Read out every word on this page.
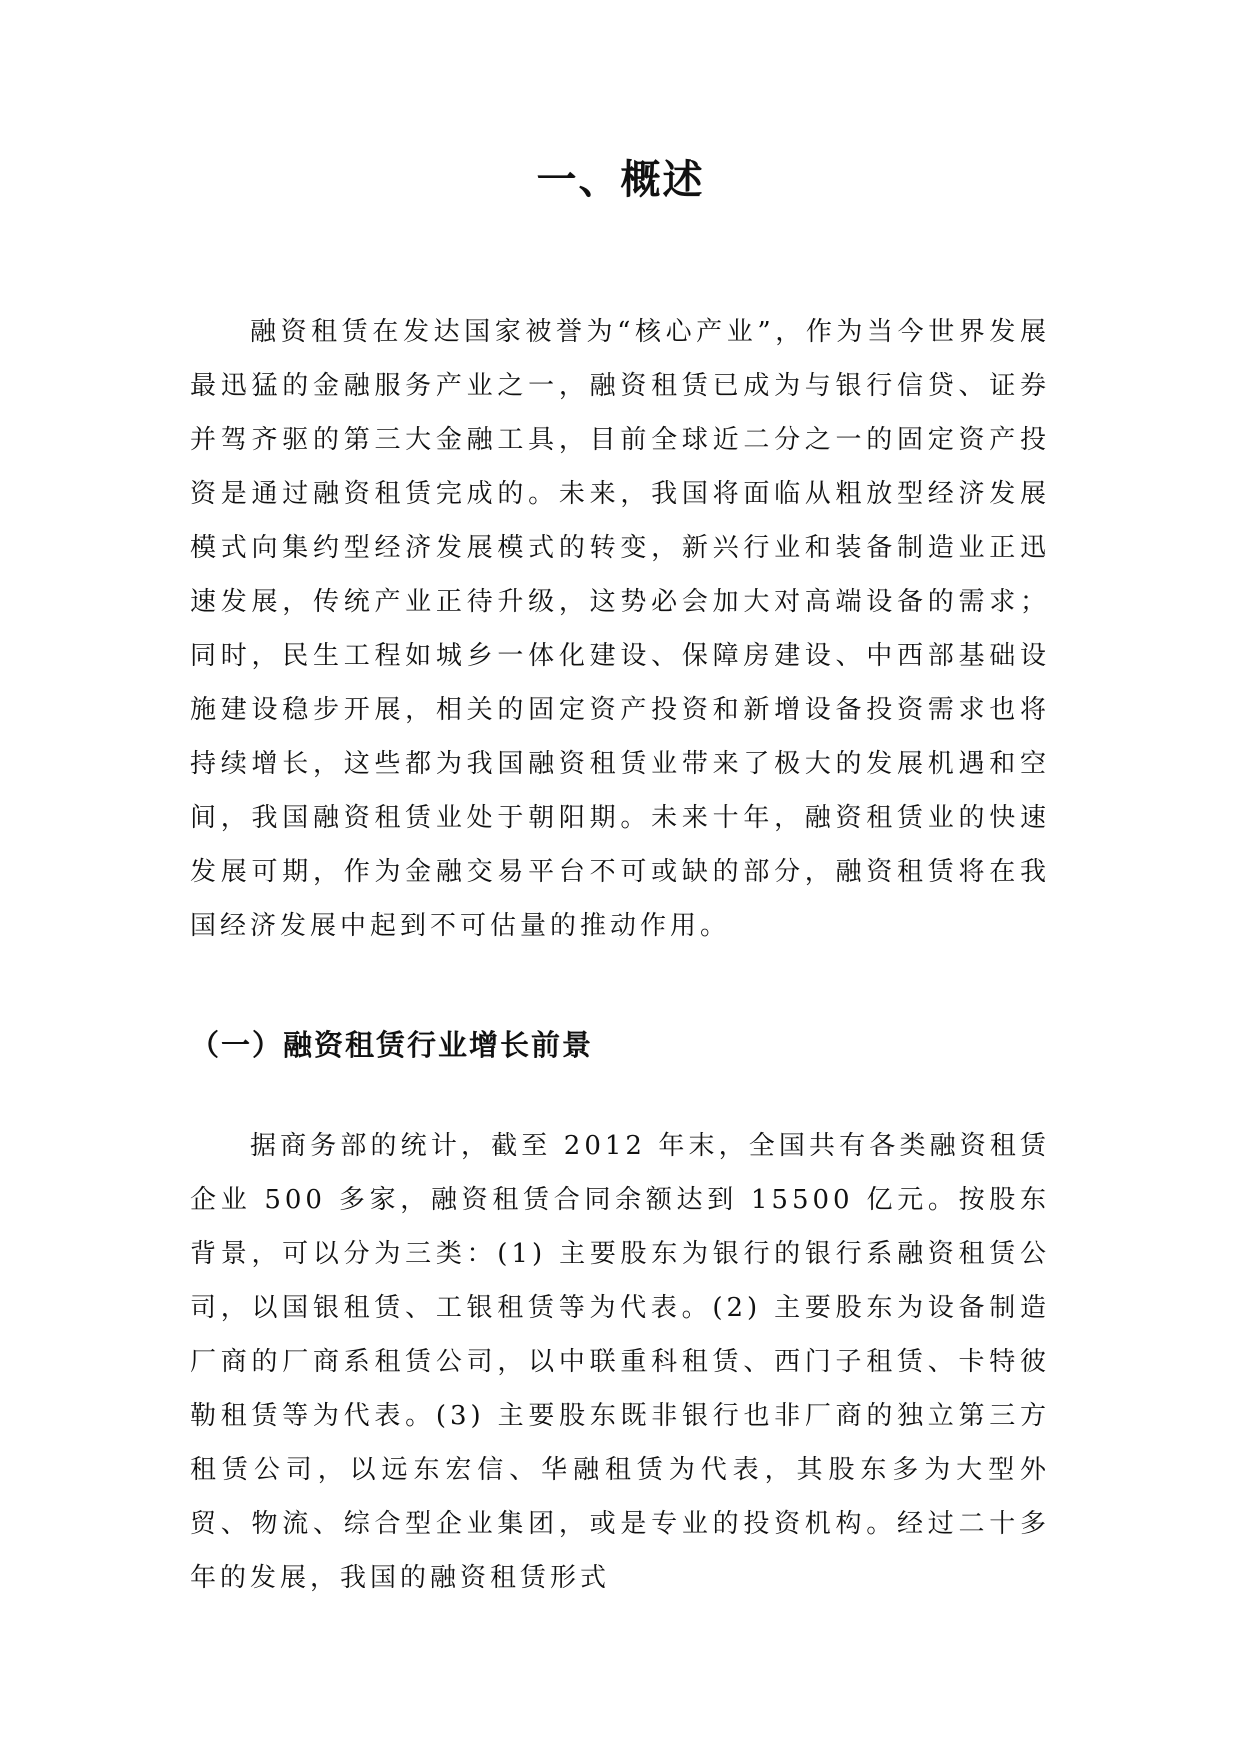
一、概述

融资租赁在发达国家被誉为“核心产业”，作为当今世界发展最迅猛的金融服务产业之一，融资租赁已成为与银行信贷、证券并驾齐驱的第三大金融工具，目前全球近二分之一的固定资产投资是通过融资租赁完成的。未来，我国将面临从粗放型经济发展模式向集约型经济发展模式的转变，新兴行业和装备制造业正迅速发展，传统产业正待升级，这势必会加大对高端设备的需求；同时，民生工程如城乡一体化建设、保障房建设、中西部基础设施建设稳步开展，相关的固定资产投资和新增设备投资需求也将持续增长，这些都为我国融资租赁业带来了极大的发展机遇和空间，我国融资租赁业处于朝阳期。未来十年，融资租赁业的快速发展可期，作为金融交易平台不可或缺的部分，融资租赁将在我国经济发展中起到不可估量的推动作用。

（一）融资租赁行业增长前景

据商务部的统计，截至 2012 年末，全国共有各类融资租赁企业 500 多家，融资租赁合同余额达到 15500 亿元。按股东背景，可以分为三类：(1) 主要股东为银行的银行系融资租赁公司，以国银租赁、工银租赁等为代表。(2) 主要股东为设备制造厂商的厂商系租赁公司，以中联重科租赁、西门子租赁、卡特彼勒租赁等为代表。(3) 主要股东既非银行也非厂商的独立第三方租赁公司，以远东宏信、华融租赁为代表，其股东多为大型外贸、物流、综合型企业集团，或是专业的投资机构。经过二十多年的发展，我国的融资租赁形式
